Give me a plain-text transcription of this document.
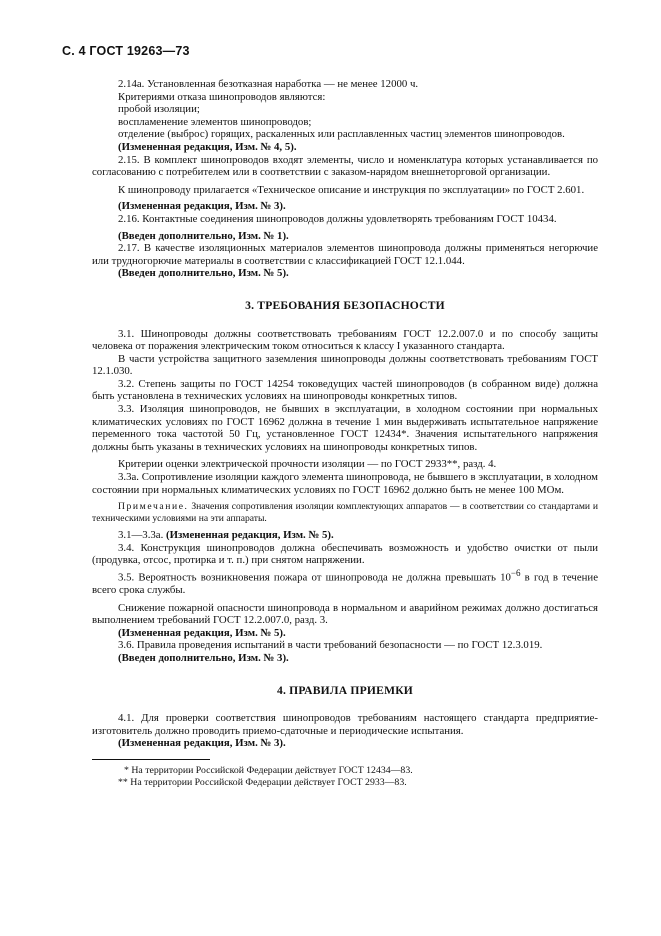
С. 4 ГОСТ 19263—73

2.14а. Установленная безотказная наработка — не менее 12000 ч.

Критериями отказа шинопроводов являются:

пробой изоляции;

воспламенение элементов шинопроводов;

отделение (выброс) горящих, раскаленных или расплавленных частиц элементов шинопроводов.

(Измененная редакция, Изм. № 4, 5).

2.15. В комплект шинопроводов входят элементы, число и номенклатура которых устанавливается по согласованию с потребителем или в соответствии с заказом-нарядом внешнеторговой организации.

К шинопроводу прилагается «Техническое описание и инструкция по эксплуатации» по ГОСТ 2.601.

(Измененная редакция, Изм. № 3).

2.16. Контактные соединения шинопроводов должны удовлетворять требованиям ГОСТ 10434.

(Введен дополнительно, Изм. № 1).

2.17. В качестве изоляционных материалов элементов шинопровода должны применяться негорючие или трудногорючие материалы в соответствии с классификацией ГОСТ 12.1.044.

(Введен дополнительно, Изм. № 5).

3. ТРЕБОВАНИЯ БЕЗОПАСНОСТИ

3.1. Шинопроводы должны соответствовать требованиям ГОСТ 12.2.007.0 и по способу защиты человека от поражения электрическим током относиться к классу I указанного стандарта.

В части устройства защитного заземления шинопроводы должны соответствовать требованиям ГОСТ 12.1.030.

3.2. Степень защиты по ГОСТ 14254 токоведущих частей шинопроводов (в собранном виде) должна быть установлена в технических условиях на шинопроводы конкретных типов.

3.3. Изоляция шинопроводов, не бывших в эксплуатации, в холодном состоянии при нормальных климатических условиях по ГОСТ 16962 должна в течение 1 мин выдерживать испытательное напряжение переменного тока частотой 50 Гц, установленное ГОСТ 12434*. Значения испытательного напряжения должны быть указаны в технических условиях на шинопроводы конкретных типов.

Критерии оценки электрической прочности изоляции — по ГОСТ 2933**, разд. 4.

3.3а. Сопротивление изоляции каждого элемента шинопровода, не бывшего в эксплуатации, в холодном состоянии при нормальных климатических условиях по ГОСТ 16962 должно быть не менее 100 МОм.

Примечание. Значения сопротивления изоляции комплектующих аппаратов — в соответствии со стандартами и техническими условиями на эти аппараты.

3.1—3.3а. (Измененная редакция, Изм. № 5).

3.4. Конструкция шинопроводов должна обеспечивать возможность и удобство очистки от пыли (продувка, отсос, протирка и т. п.) при снятом напряжении.

3.5. Вероятность возникновения пожара от шинопровода не должна превышать $10^{-6}$ в год в течение всего срока службы.

Снижение пожарной опасности шинопровода в нормальном и аварийном режимах должно достигаться выполнением требований ГОСТ 12.2.007.0, разд. 3.

(Измененная редакция, Изм. № 5).

3.6. Правила проведения испытаний в части требований безопасности — по ГОСТ 12.3.019.

(Введен дополнительно, Изм. № 3).

4. ПРАВИЛА ПРИЕМКИ

4.1. Для проверки соответствия шинопроводов требованиям настоящего стандарта предприятие-изготовитель должно проводить приемо-сдаточные и периодические испытания.

(Измененная редакция, Изм. № 3).

* На территории Российской Федерации действует ГОСТ 12434—83.
** На территории Российской Федерации действует ГОСТ 2933—83.
